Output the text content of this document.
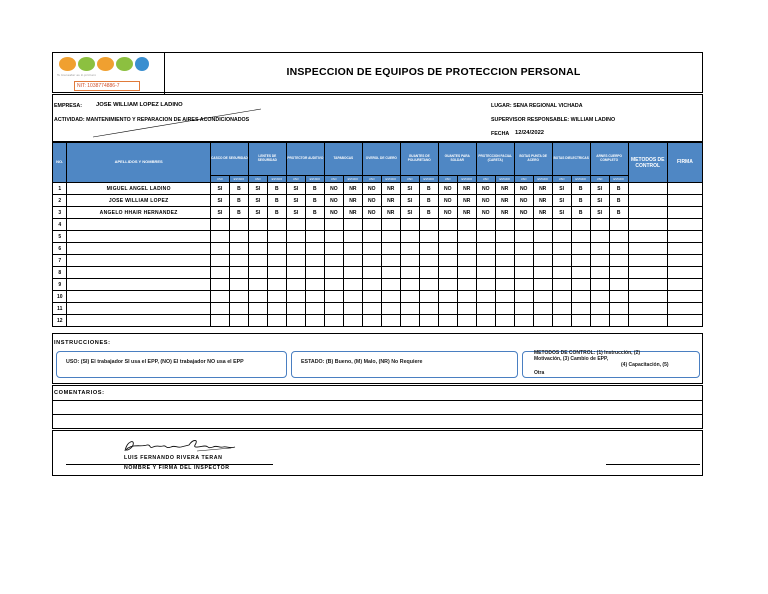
Tu bienestar es lo primero
NIT: 1038774886-7
INSPECCION DE EQUIPOS DE PROTECCION PERSONAL
EMPRESA: JOSE WILLIAM LOPEZ LADINO
ACTIVIDAD: MANTENIMIENTO Y REPARACION DE AIRES ACONDICIONADOS
LUGAR: SENA REGIONAL VICHADA
SUPERVISOR RESPONSABLE: WILLIAM LADINO
FECHA 12/24/2022
NO.	APELLIDOS Y NOMBRES	CASCO DE SEGURIDAD		LENTES DE SEGURIDAD		PROTECTOR AUDITIVO		TAPABOCAS		OVEROL DE CUERO		GUANTES DE POLIURETANO		GUANTES PARA SOLDAR		PROTECCION FACIAL (CARETA)		BOTAS PUNTA DE ACERO		BOTAS DIELECTRICAS		ARNES CUERPO COMPLETO		METODOS DE CONTROL	FIRMA
		USO	ESTADO	USO	ESTADO	USO	ESTADO	USO	ESTADO	USO	ESTADO	USO	ESTADO	USO	ESTADO	USO	ESTADO	USO	ESTADO	USO	ESTADO	USO	ESTADO		
1	MIGUEL ANGEL LADINO	SI	B	SI	B	SI	B	NO	NR	NO	NR	SI	B	NO	NR	NO	NR	NO	NR	SI	B	SI	B		
2	JOSE WILLIAM LOPEZ	SI	B	SI	B	SI	B	NO	NR	NO	NR	SI	B	NO	NR	NO	NR	NO	NR	SI	B	SI	B		
3	ANGELO HHAIR HERNANDEZ	SI	B	SI	B	SI	B	NO	NR	NO	NR	SI	B	NO	NR	NO	NR	NO	NR	SI	B	SI	B		
4																									
5																									
6																									
7																									
8																									
9																									
10																									
11																									
12																									
INSTRUCCIONES:
USO: (SI) El trabajador SI usa el EPP, (NO) El trabajador NO usa el EPP	ESTADO: (B) Bueno, (M) Malo, (NR) No Requiere
METODOS DE CONTROL: (1) Instrucción, (2)
Motivación, (3) Cambio de EPP,
(4) Capacitación, (5)
Otra
COMENTARIOS:
LUIS FERNANDO RIVERA TERAN
NOMBRE Y FIRMA DEL INSPECTOR
